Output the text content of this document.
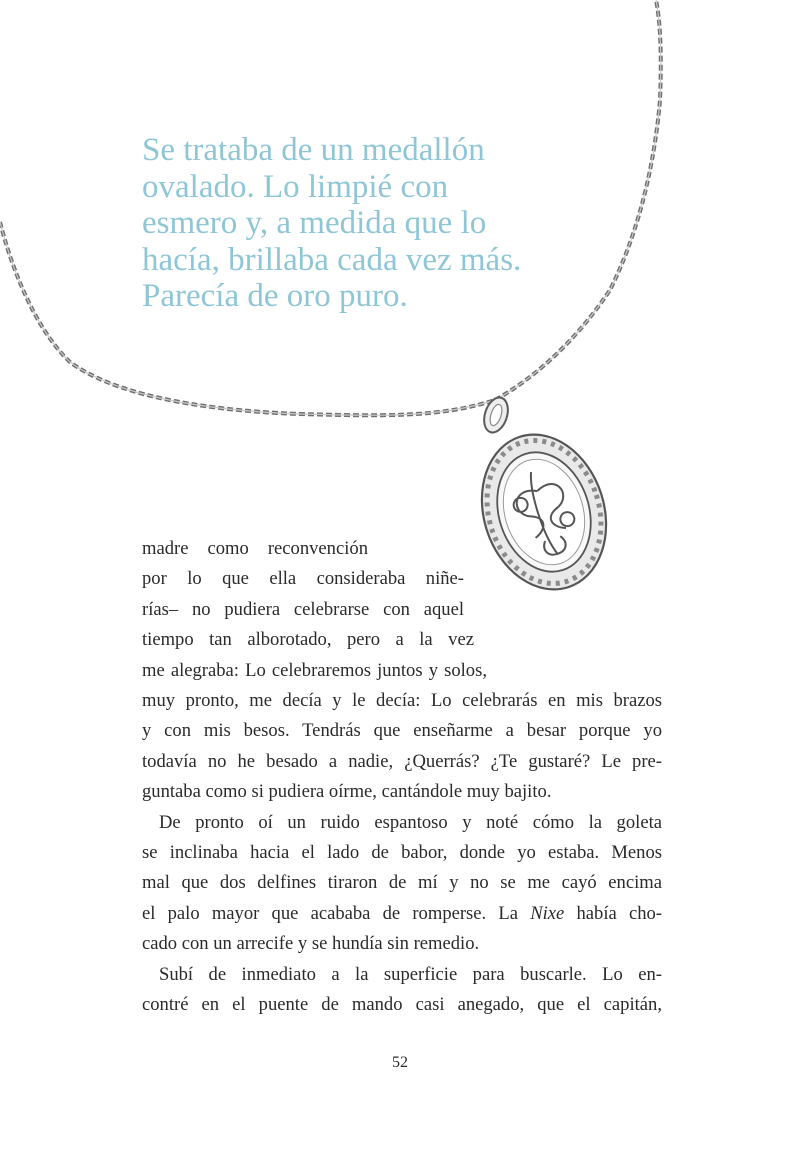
Se trataba de un medallón
ovalado. Lo limpié con
esmero y, a medida que lo
hacía, brillaba cada vez más.
Parecía de oro puro.
madre como reconvención
por lo que ella consideraba niñe-
rías– no pudiera celebrarse con aquel
tiempo tan alborotado, pero a la vez
me alegraba: Lo celebraremos juntos y solos,
muy pronto, me decía y le decía: Lo celebrarás en mis brazos
y con mis besos. Tendrás que enseñarme a besar porque yo
todavía no he besado a nadie, ¿Querrás? ¿Te gustaré? Le pre-
guntaba como si pudiera oírme, cantándole muy bajito.
De pronto oí un ruido espantoso y noté cómo la goleta
se inclinaba hacia el lado de babor, donde yo estaba. Menos
mal que dos delfines tiraron de mí y no se me cayó encima
el palo mayor que acababa de romperse. La Nixe había cho-
cado con un arrecife y se hundía sin remedio.
Subí de inmediato a la superficie para buscarle. Lo en-
contré en el puente de mando casi anegado, que el capitán,
52
